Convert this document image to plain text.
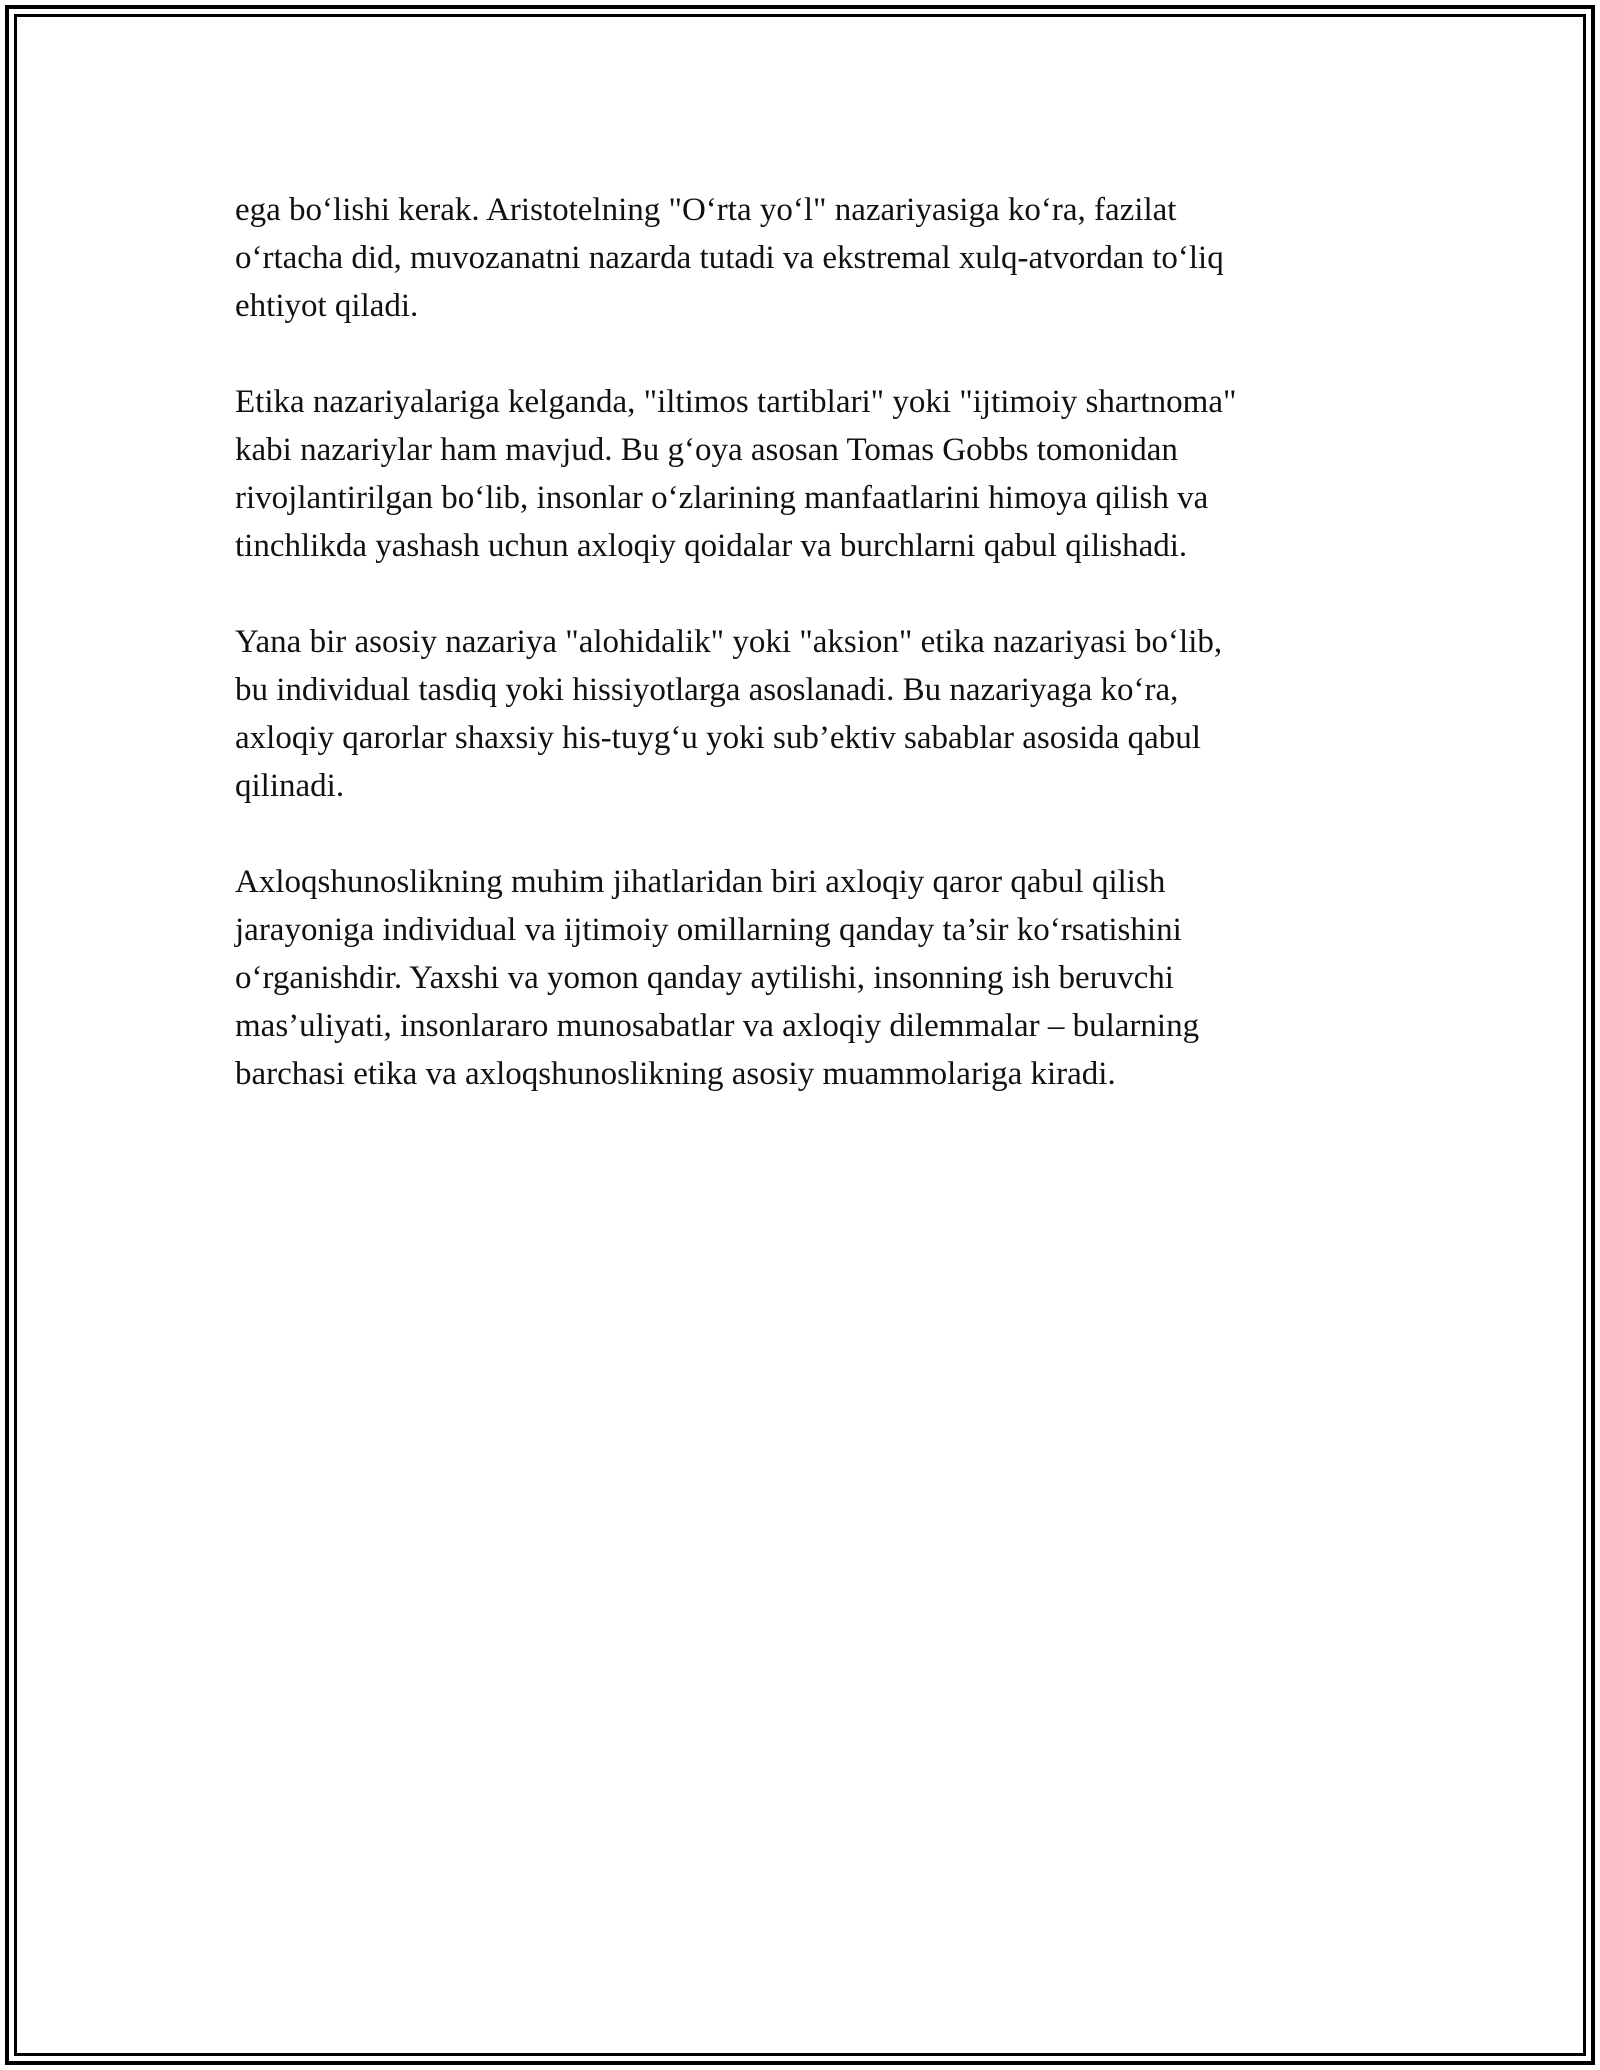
ega bo‘lishi kerak. Aristotelning "O‘rta yo‘l" nazariyasiga ko‘ra, fazilat
o‘rtacha did, muvozanatni nazarda tutadi va ekstremal xulq-atvordan to‘liq
ehtiyot qiladi.

Etika nazariyalariga kelganda, "iltimos tartiblari" yoki "ijtimoiy shartnoma"
kabi nazariylar ham mavjud. Bu g‘oya asosan Tomas Gobbs tomonidan
rivojlantirilgan bo‘lib, insonlar o‘zlarining manfaatlarini himoya qilish va
tinchlikda yashash uchun axloqiy qoidalar va burchlarni qabul qilishadi.

Yana bir asosiy nazariya "alohidalik" yoki "aksion" etika nazariyasi bo‘lib,
bu individual tasdiq yoki hissiyotlarga asoslanadi. Bu nazariyaga ko‘ra,
axloqiy qarorlar shaxsiy his-tuyg‘u yoki sub’ektiv sabablar asosida qabul
qilinadi.

Axloqshunoslikning muhim jihatlaridan biri axloqiy qaror qabul qilish
jarayoniga individual va ijtimoiy omillarning qanday ta’sir ko‘rsatishini
o‘rganishdir. Yaxshi va yomon qanday aytilishi, insonning ish beruvchi
mas’uliyati, insonlararo munosabatlar va axloqiy dilemmalar – bularning
barchasi etika va axloqshunoslikning asosiy muammolariga kiradi.
